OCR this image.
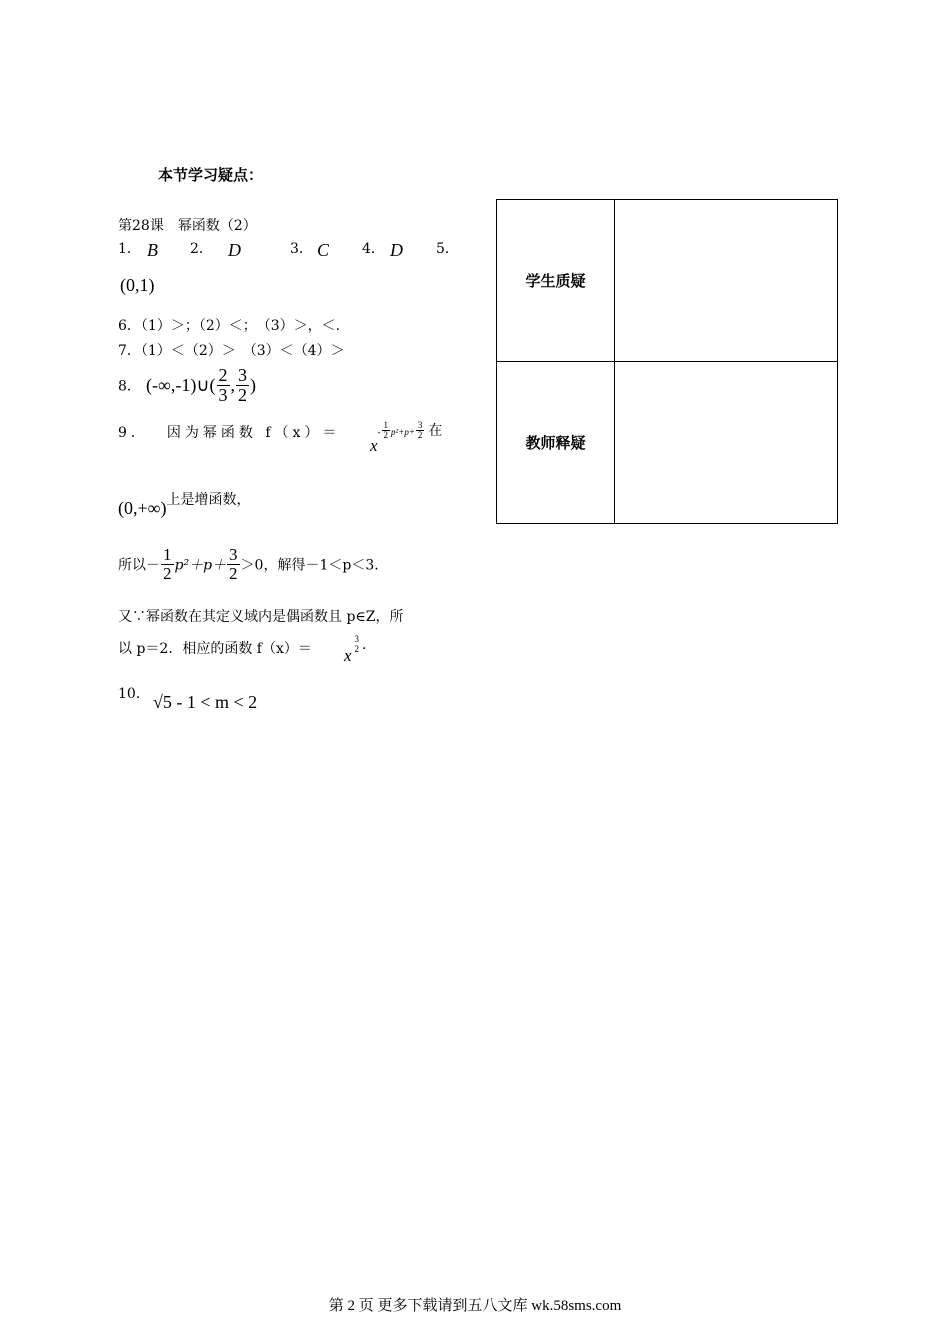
本节学习疑点：
第28课　幂函数（2）
1． B 2． D	3． C 4． D 5．
(0,1)
6．（1）＞；（2）＜；　（3）＞，＜.
7．（1）＜（2）＞　（3）＜（4）＞
8． (-∞,-1)∪( $\frac{2}{3}$ , $\frac{3}{2}$ )
9． 因为幂函数 f（x）＝
$x- \frac{1}{2} p^2+p+ \frac{3}{2}$ 在
(0,+∞)上是增函数，
所以－ $\frac{1}{2} p^2+p+ \frac{3}{2} >0$，解得－1＜p＜3.
又∵幂函数在其定义域内是偶函数且 p∈Z，所
以 p＝2．相应的函数 f（x）＝ x
3
2 .
10． √5 - 1 < m < 2
学生质疑	
教师释疑	
第 2 页 更多下载请到五八文库 wk.58sms.com
